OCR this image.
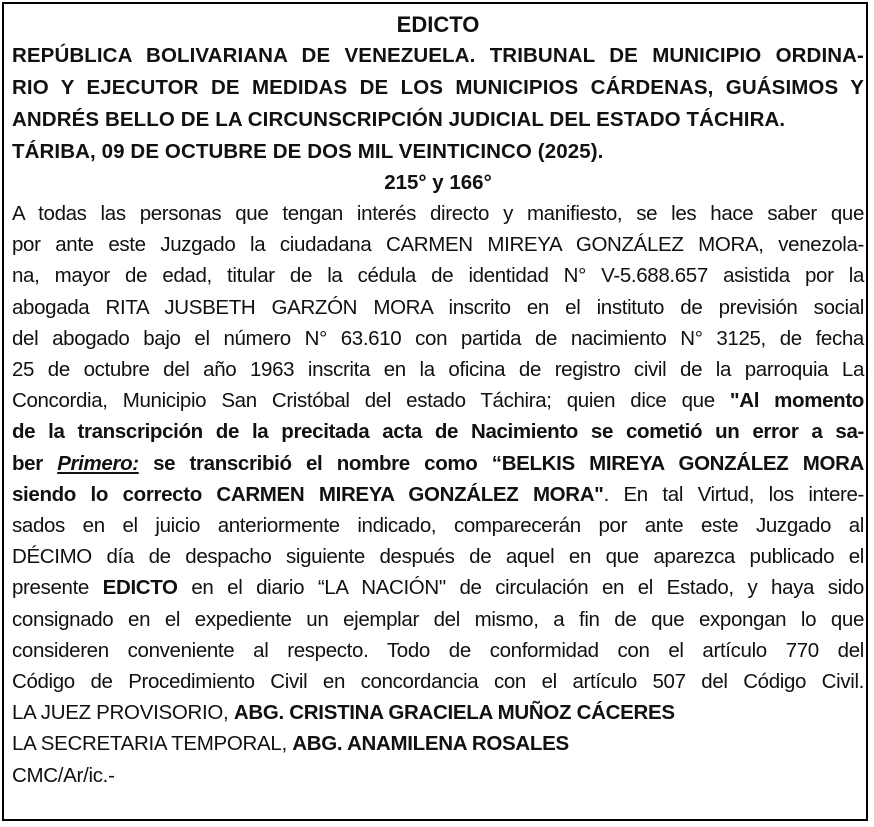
EDICTO
REPÚBLICA BOLIVARIANA DE VENEZUELA. TRIBUNAL DE MUNICIPIO ORDINA-
RIO Y EJECUTOR DE MEDIDAS DE LOS MUNICIPIOS CÁRDENAS, GUÁSIMOS Y
ANDRÉS BELLO DE LA CIRCUNSCRIPCIÓN JUDICIAL DEL ESTADO TÁCHIRA.
TÁRIBA, 09 DE OCTUBRE DE DOS MIL VEINTICINCO (2025).
215° y 166°
A todas las personas que tengan interés directo y manifiesto, se les hace saber que
por ante este Juzgado la ciudadana CARMEN MIREYA GONZÁLEZ MORA, venezola-
na, mayor de edad, titular de la cédula de identidad N° V-5.688.657 asistida por la
abogada RITA JUSBETH GARZÓN MORA inscrito en el instituto de previsión social
del abogado bajo el número N° 63.610 con partida de nacimiento N° 3125, de fecha
25 de octubre del año 1963 inscrita en la oficina de registro civil de la parroquia La
Concordia, Municipio San Cristóbal del estado Táchira; quien dice que "Al momento
de la transcripción de la precitada acta de Nacimiento se cometió un error a sa-
ber Primero: se transcribió el nombre como “BELKIS MIREYA GONZÁLEZ MORA
siendo lo correcto CARMEN MIREYA GONZÁLEZ MORA". En tal Virtud, los intere-
sados en el juicio anteriormente indicado, comparecerán por ante este Juzgado al
DÉCIMO día de despacho siguiente después de aquel en que aparezca publicado el
presente EDICTO en el diario “LA NACIÓN" de circulación en el Estado, y haya sido
consignado en el expediente un ejemplar del mismo, a fin de que expongan lo que
consideren conveniente al respecto. Todo de conformidad con el artículo 770 del
Código de Procedimiento Civil en concordancia con el artículo 507 del Código Civil.
LA JUEZ PROVISORIO, ABG. CRISTINA GRACIELA MUÑOZ CÁCERES
LA SECRETARIA TEMPORAL, ABG. ANAMILENA ROSALES
CMC/Ar/ic.-
